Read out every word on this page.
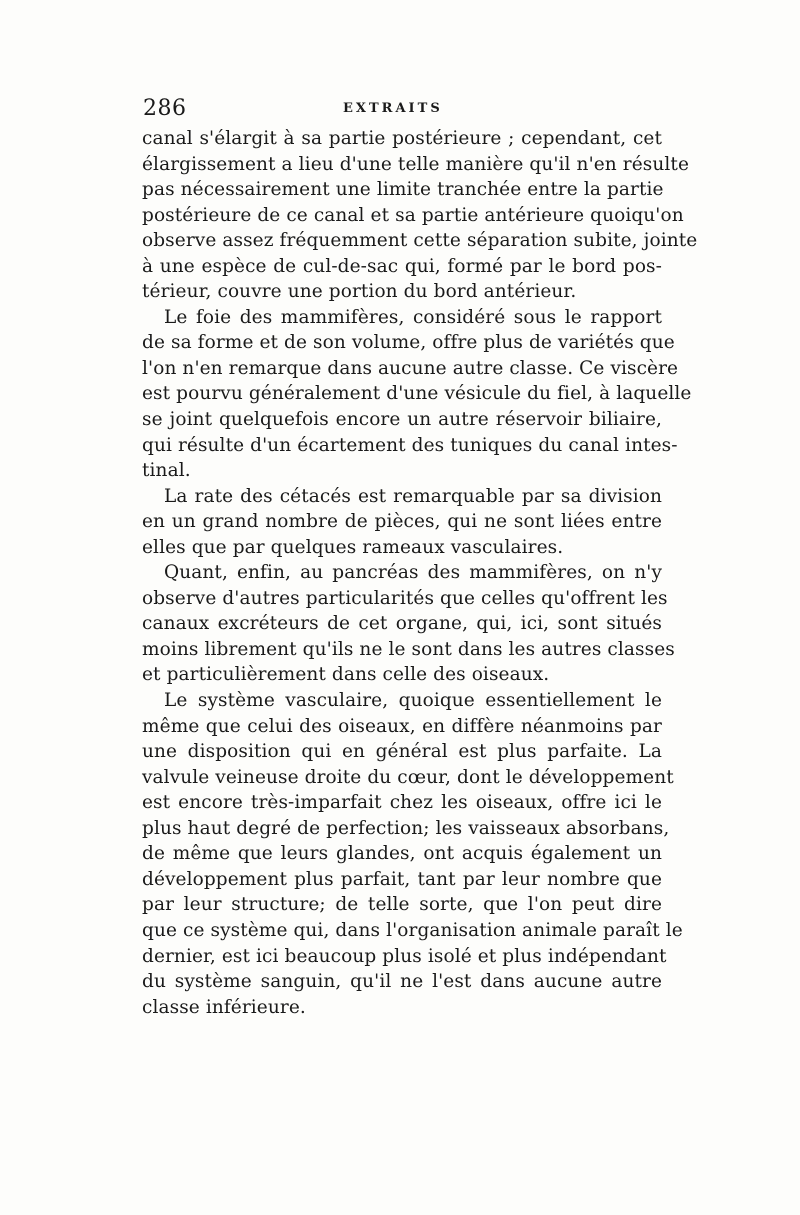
286	EXTRAITS
canal s'élargit à sa partie postérieure ; cependant, cet
élargissement a lieu d'une telle manière qu'il n'en résulte
pas nécessairement une limite tranchée entre la partie
postérieure de ce canal et sa partie antérieure quoiqu'on
observe assez fréquemment cette séparation subite, jointe
à une espèce de cul-de-sac qui, formé par le bord pos-
térieur, couvre une portion du bord antérieur.
Le foie des mammifères, considéré sous le rapport
de sa forme et de son volume, offre plus de variétés que
l'on n'en remarque dans aucune autre classe. Ce viscère
est pourvu généralement d'une vésicule du fiel, à laquelle
se joint quelquefois encore un autre réservoir biliaire,
qui résulte d'un écartement des tuniques du canal intes-
tinal.
La rate des cétacés est remarquable par sa division
en un grand nombre de pièces, qui ne sont liées entre
elles que par quelques rameaux vasculaires.
Quant, enfin, au pancréas des mammifères, on n'y
observe d'autres particularités que celles qu'offrent les
canaux excréteurs de cet organe, qui, ici, sont situés
moins librement qu'ils ne le sont dans les autres classes
et particulièrement dans celle des oiseaux.
Le système vasculaire, quoique essentiellement le
même que celui des oiseaux, en diffère néanmoins par
une disposition qui en général est plus parfaite. La
valvule veineuse droite du cœur, dont le développement
est encore très-imparfait chez les oiseaux, offre ici le
plus haut degré de perfection; les vaisseaux absorbans,
de même que leurs glandes, ont acquis également un
développement plus parfait, tant par leur nombre que
par leur structure; de telle sorte, que l'on peut dire
que ce système qui, dans l'organisation animale paraît le
dernier, est ici beaucoup plus isolé et plus indépendant
du système sanguin, qu'il ne l'est dans aucune autre
classe inférieure.
